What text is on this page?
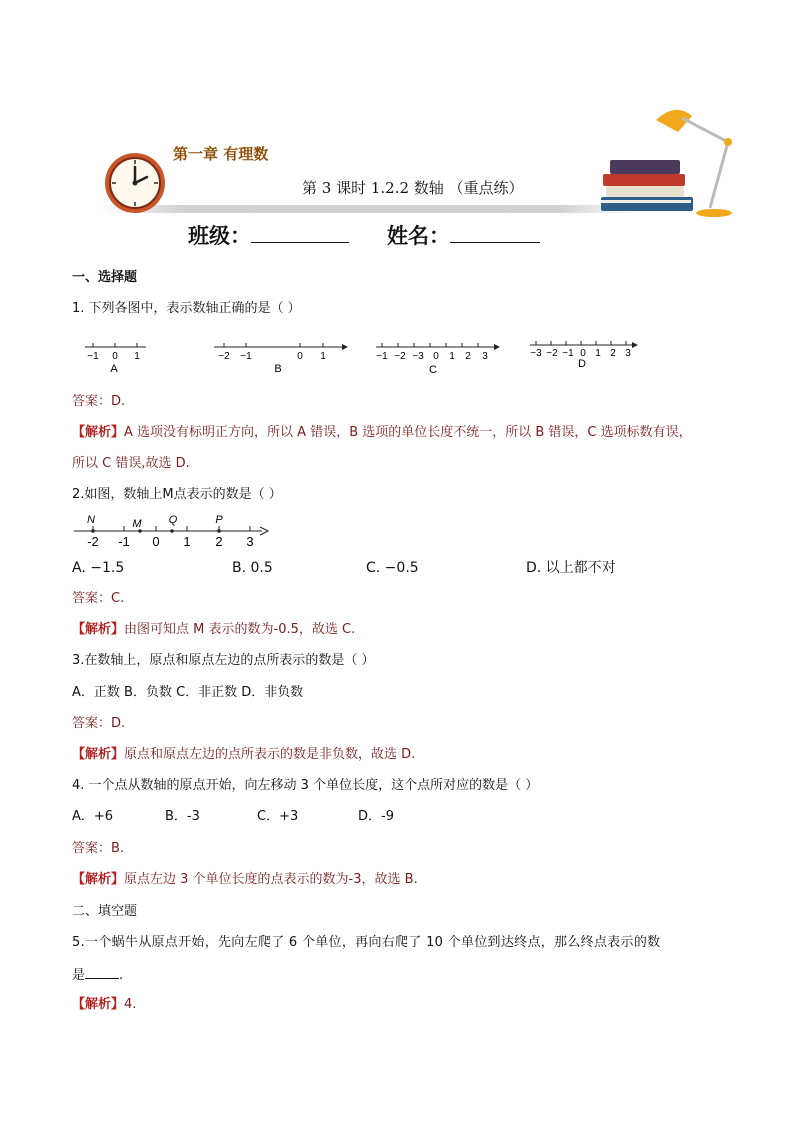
第一章 有理数
第 3 课时 1.2.2 数轴 （重点练）
班级：	姓名：
一、选择题
1. 下列各图中，表示数轴正确的是（ ）
−1 0 1
A
−2 −1	0 1
B
−1 −2 −3 0 1 2 3
C
−3 −2 −1 0 1 2 3
D
答案：D.
【解析】A 选项没有标明正方向，所以 A 错误，B 选项的单位长度不统一，所以 B 错误，C 选项标数有误，
所以 C 错误,故选 D.
2.如图，数轴上M点表示的数是（ ）
N	M Q	P
-2 -1 0 1 2 3
A. −1.5	B. 0.5	C. −0.5	D. 以上都不对
答案：C.
【解析】由图可知点 M 表示的数为-0.5，故选 C.
3.在数轴上，原点和原点左边的点所表示的数是（ ）
A．正数 B．负数 C．非正数 D．非负数
答案：D.
【解析】原点和原点左边的点所表示的数是非负数，故选 D.
4. 一个点从数轴的原点开始，向左移动 3 个单位长度，这个点所对应的数是（ ）
A．+6	B．-3	C．+3	D．-9
答案：B.
【解析】原点左边 3 个单位长度的点表示的数为-3，故选 B.
二、填空题
5.一个蜗牛从原点开始，先向左爬了 6 个单位，再向右爬了 10 个单位到达终点，那么终点表示的数
是	.
【解析】4.
